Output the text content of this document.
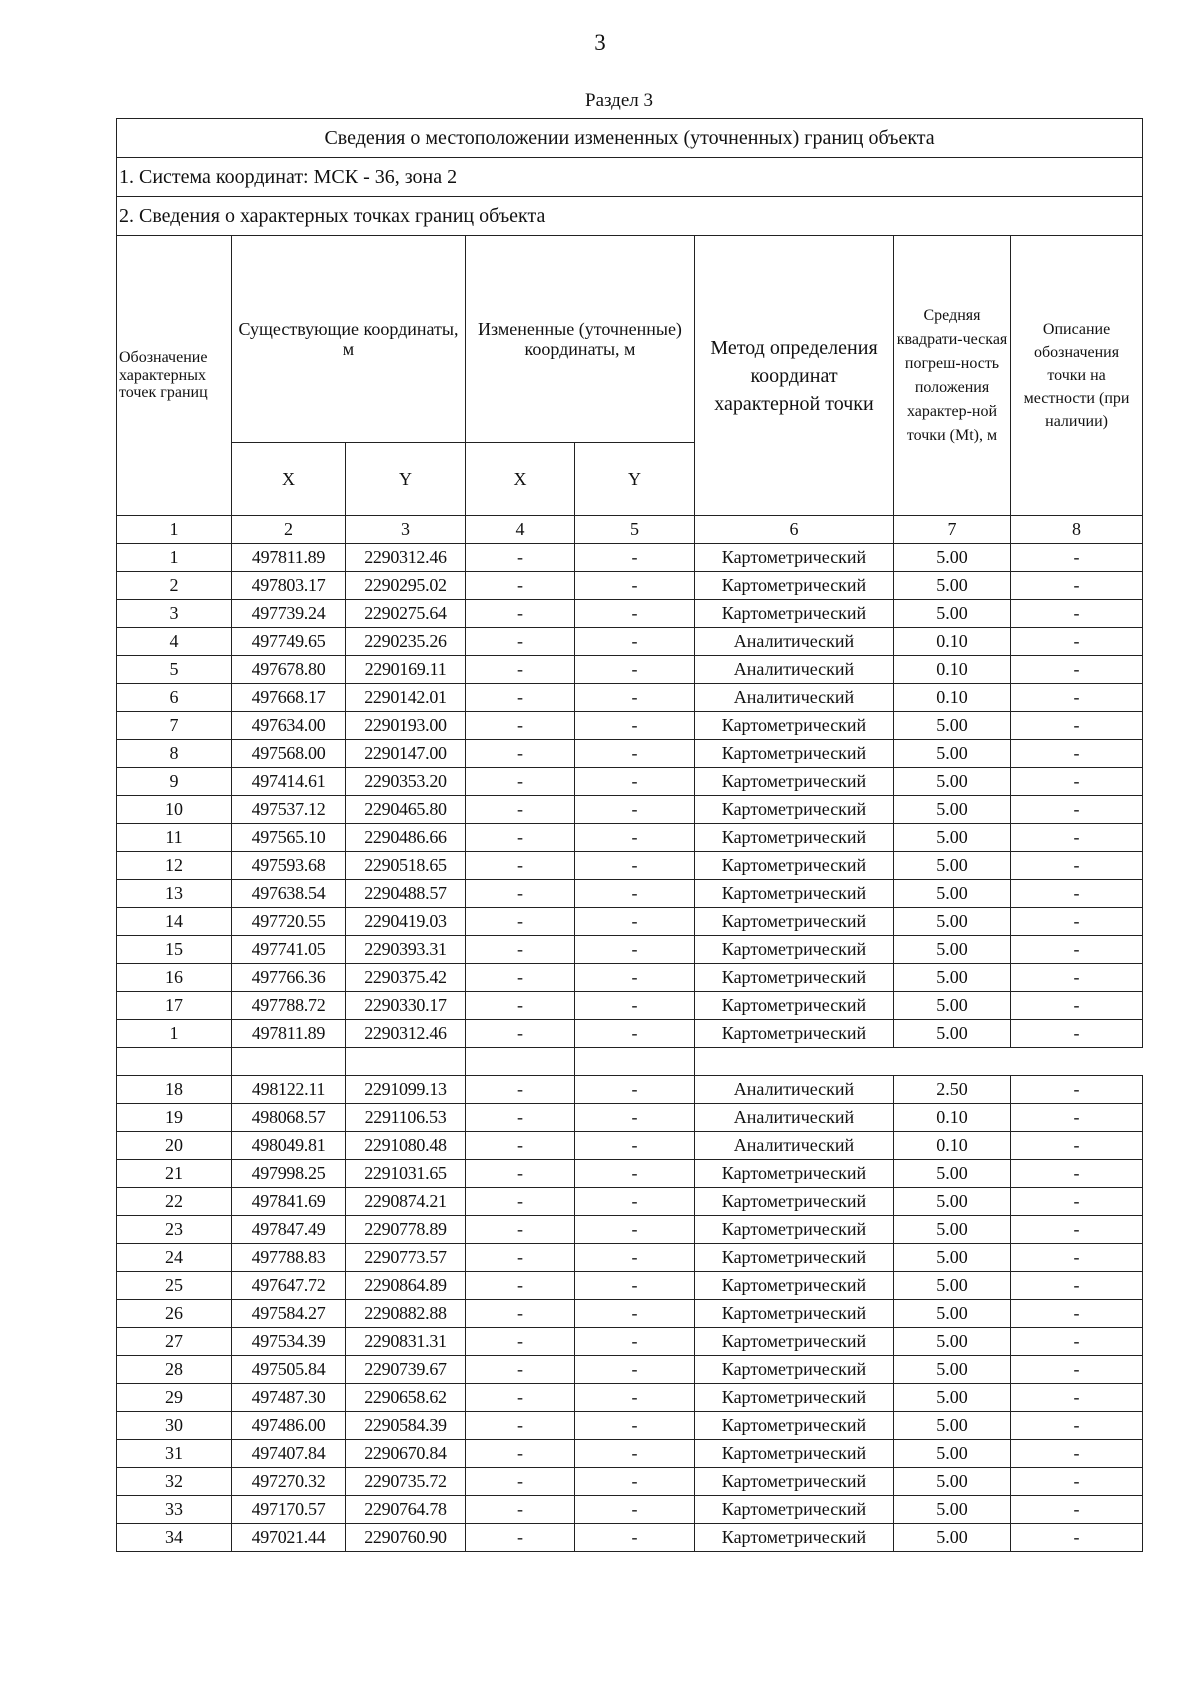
3
Раздел 3
Сведения о местоположении измененных (уточненных) границ объекта							
1. Система координат: МСК - 36, зона 2							
2. Сведения о характерных точках границ объекта							
Обозначение характерных точек границ	Существующие координаты, м		Измененные (уточненные) координаты, м		Метод определения координат характерной точки	Средняя квадрати-ческая погреш-ность положения характер-ной точки (Mt), м	Описание обозначения точки на местности (при наличии)
	X	Y	X	Y			
1	2	3	4	5	6	7	8
1	497811.89	2290312.46	-	-	Картометрический	5.00	-
2	497803.17	2290295.02	-	-	Картометрический	5.00	-
3	497739.24	2290275.64	-	-	Картометрический	5.00	-
4	497749.65	2290235.26	-	-	Аналитический	0.10	-
5	497678.80	2290169.11	-	-	Аналитический	0.10	-
6	497668.17	2290142.01	-	-	Аналитический	0.10	-
7	497634.00	2290193.00	-	-	Картометрический	5.00	-
8	497568.00	2290147.00	-	-	Картометрический	5.00	-
9	497414.61	2290353.20	-	-	Картометрический	5.00	-
10	497537.12	2290465.80	-	-	Картометрический	5.00	-
11	497565.10	2290486.66	-	-	Картометрический	5.00	-
12	497593.68	2290518.65	-	-	Картометрический	5.00	-
13	497638.54	2290488.57	-	-	Картометрический	5.00	-
14	497720.55	2290419.03	-	-	Картометрический	5.00	-
15	497741.05	2290393.31	-	-	Картометрический	5.00	-
16	497766.36	2290375.42	-	-	Картометрический	5.00	-
17	497788.72	2290330.17	-	-	Картометрический	5.00	-
1	497811.89	2290312.46	-	-	Картометрический	5.00	-

18	498122.11	2291099.13	-	-	Аналитический	2.50	-
19	498068.57	2291106.53	-	-	Аналитический	0.10	-
20	498049.81	2291080.48	-	-	Аналитический	0.10	-
21	497998.25	2291031.65	-	-	Картометрический	5.00	-
22	497841.69	2290874.21	-	-	Картометрический	5.00	-
23	497847.49	2290778.89	-	-	Картометрический	5.00	-
24	497788.83	2290773.57	-	-	Картометрический	5.00	-
25	497647.72	2290864.89	-	-	Картометрический	5.00	-
26	497584.27	2290882.88	-	-	Картометрический	5.00	-
27	497534.39	2290831.31	-	-	Картометрический	5.00	-
28	497505.84	2290739.67	-	-	Картометрический	5.00	-
29	497487.30	2290658.62	-	-	Картометрический	5.00	-
30	497486.00	2290584.39	-	-	Картометрический	5.00	-
31	497407.84	2290670.84	-	-	Картометрический	5.00	-
32	497270.32	2290735.72	-	-	Картометрический	5.00	-
33	497170.57	2290764.78	-	-	Картометрический	5.00	-
34	497021.44	2290760.90	-	-	Картометрический	5.00	-
